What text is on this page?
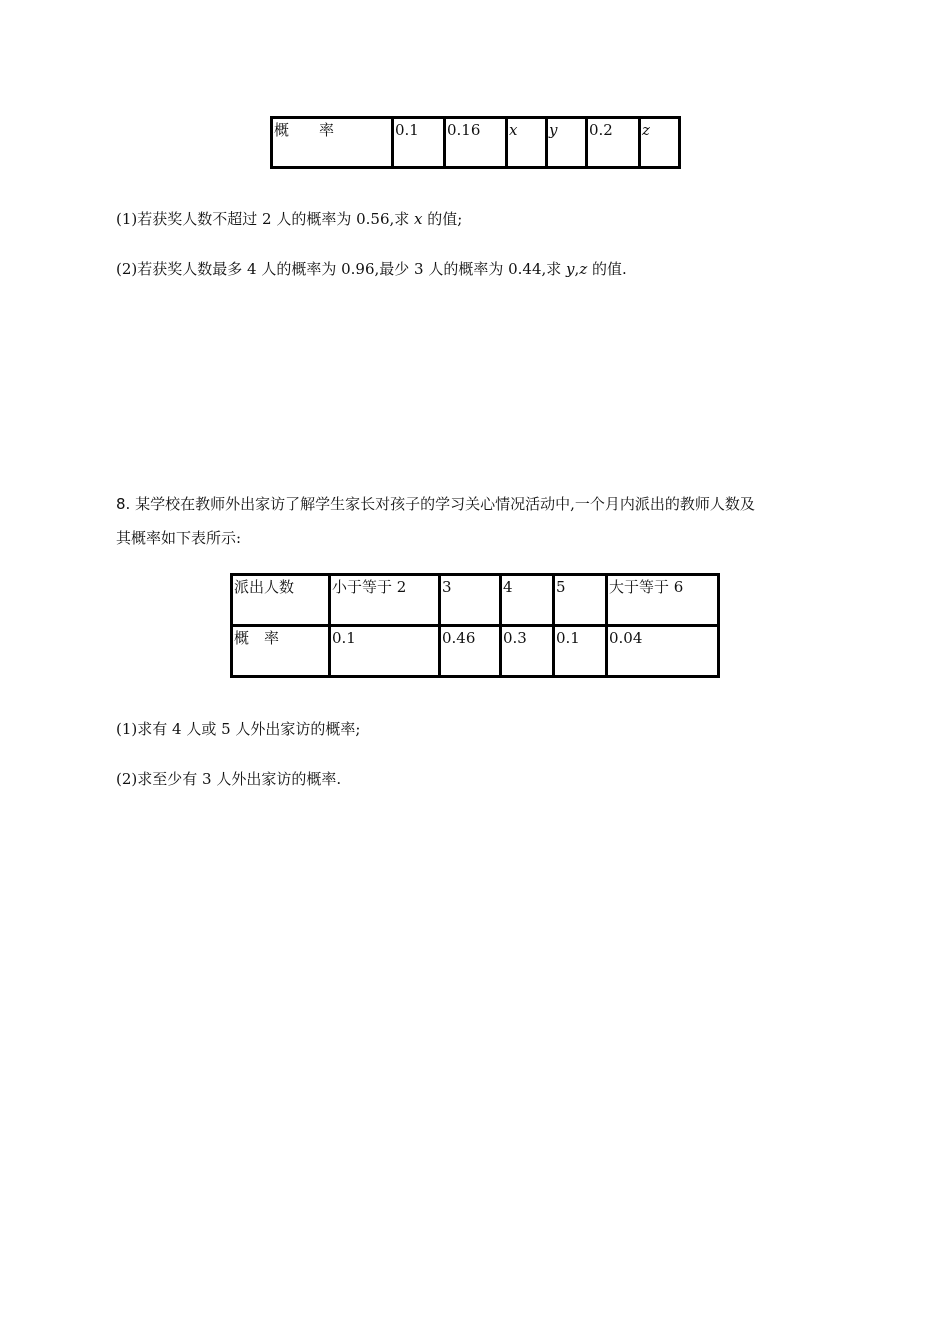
概　　率	0.1	0.16	x	y	0.2	z
(1)若获奖人数不超过 2 人的概率为 0.56,求 x 的值;
(2)若获奖人数最多 4 人的概率为 0.96,最少 3 人的概率为 0.44,求 y,z 的值.
8. 某学校在教师外出家访了解学生家长对孩子的学习关心情况活动中,一个月内派出的教师人数及
其概率如下表所示:
派出人数	小于等于 2	3	4	5	大于等于 6
概　率	0.1	0.46	0.3	0.1	0.04
(1)求有 4 人或 5 人外出家访的概率;
(2)求至少有 3 人外出家访的概率.
